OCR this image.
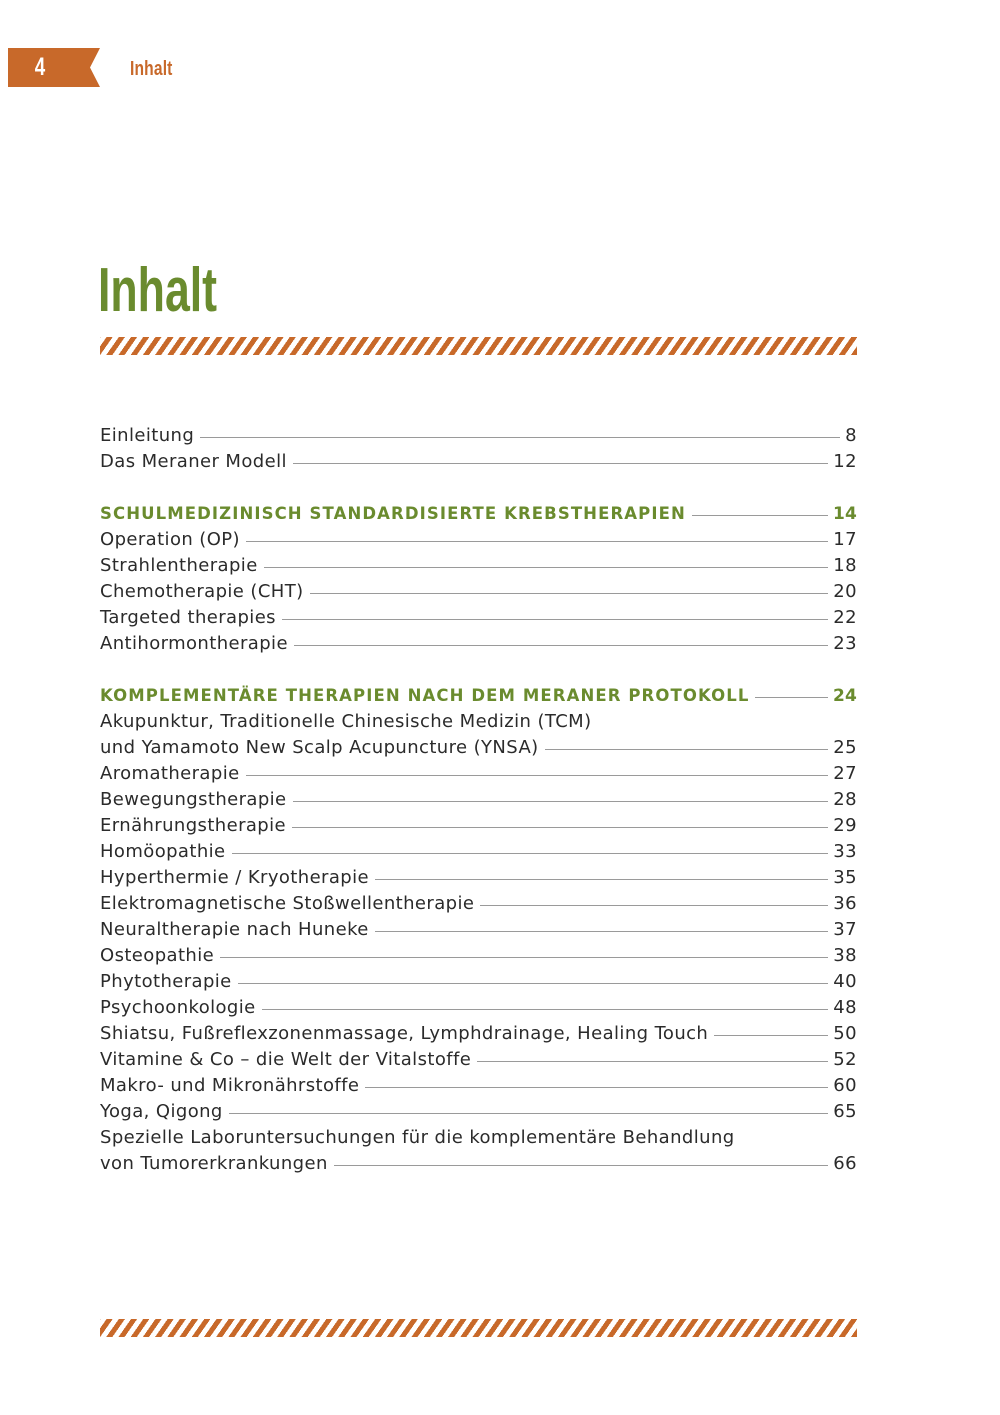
4	Inhalt
Inhalt
Einleitung	8
Das Meraner Modell	12
SCHULMEDIZINISCH STANDARDISIERTE KREBSTHERAPIEN	14
Operation (OP)	17
Strahlentherapie	18
Chemotherapie (CHT)	20
Targeted therapies	22
Antihormontherapie	23
KOMPLEMENTÄRE THERAPIEN NACH DEM MERANER PROTOKOLL	24
Akupunktur, Traditionelle Chinesische Medizin (TCM)
und Yamamoto New Scalp Acupuncture (YNSA)	25
Aromatherapie	27
Bewegungstherapie	28
Ernährungstherapie	29
Homöopathie	33
Hyperthermie / Kryotherapie	35
Elektromagnetische Stoßwellentherapie	36
Neuraltherapie nach Huneke	37
Osteopathie	38
Phytotherapie	40
Psychoonkologie	48
Shiatsu, Fußreflexzonenmassage, Lymphdrainage, Healing Touch	50
Vitamine & Co – die Welt der Vitalstoffe	52
Makro- und Mikronährstoffe	60
Yoga, Qigong	65
Spezielle Laboruntersuchungen für die komplementäre Behandlung
von Tumorerkrankungen	66
